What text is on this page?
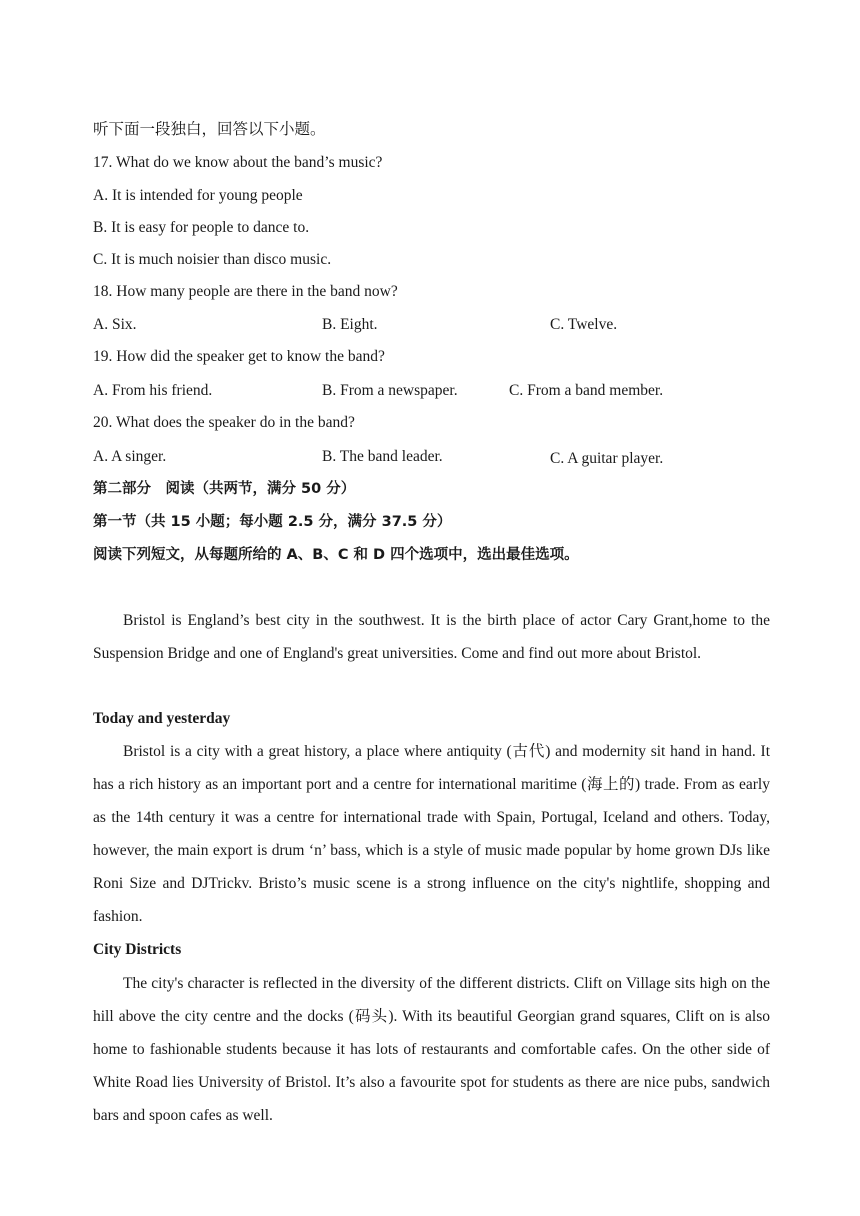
听下面一段独白，回答以下小题。
17. What do we know about the band’s music?
A. It is intended for young people
B. It is easy for people to dance to.
C. It is much noisier than disco music.
18. How many people are there in the band now?
A. Six.	B. Eight.	C. Twelve.
19. How did the speaker get to know the band?
A. From his friend.	B. From a newspaper.	C. From a band member.
20. What does the speaker do in the band?
A. A singer.	B. The band leader.	C. A guitar player.
第二部分　阅读（共两节，满分 50 分）
第一节（共 15 小题；每小题 2.5 分，满分 37.5 分）
阅读下列短文，从每题所给的 A、B、C 和 D 四个选项中，选出最佳选项。
Bristol is England’s best city in the southwest. It is the birth place of actor Cary Grant,home to the Suspension Bridge and one of England's great universities. Come and find out more about Bristol.
Today and yesterday
Bristol is a city with a great history, a place where antiquity (古代) and modernity sit hand in hand. It has a rich history as an important port and a centre for international maritime (海上的) trade. From as early as the 14th century it was a centre for international trade with Spain, Portugal, Iceland and others. Today, however, the main export is drum ‘n’ bass, which is a style of music made popular by home grown DJs like Roni Size and DJTrickv. Bristo’s music scene is a strong influence on the city's nightlife, shopping and fashion.
City Districts
The city's character is reflected in the diversity of the different districts. Clift on Village sits high on the hill above the city centre and the docks (码头). With its beautiful Georgian grand squares, Clift on is also home to fashionable students because it has lots of restaurants and comfortable cafes. On the other side of White Road lies University of Bristol. It’s also a favourite spot for students as there are nice pubs, sandwich bars and spoon cafes as well.
